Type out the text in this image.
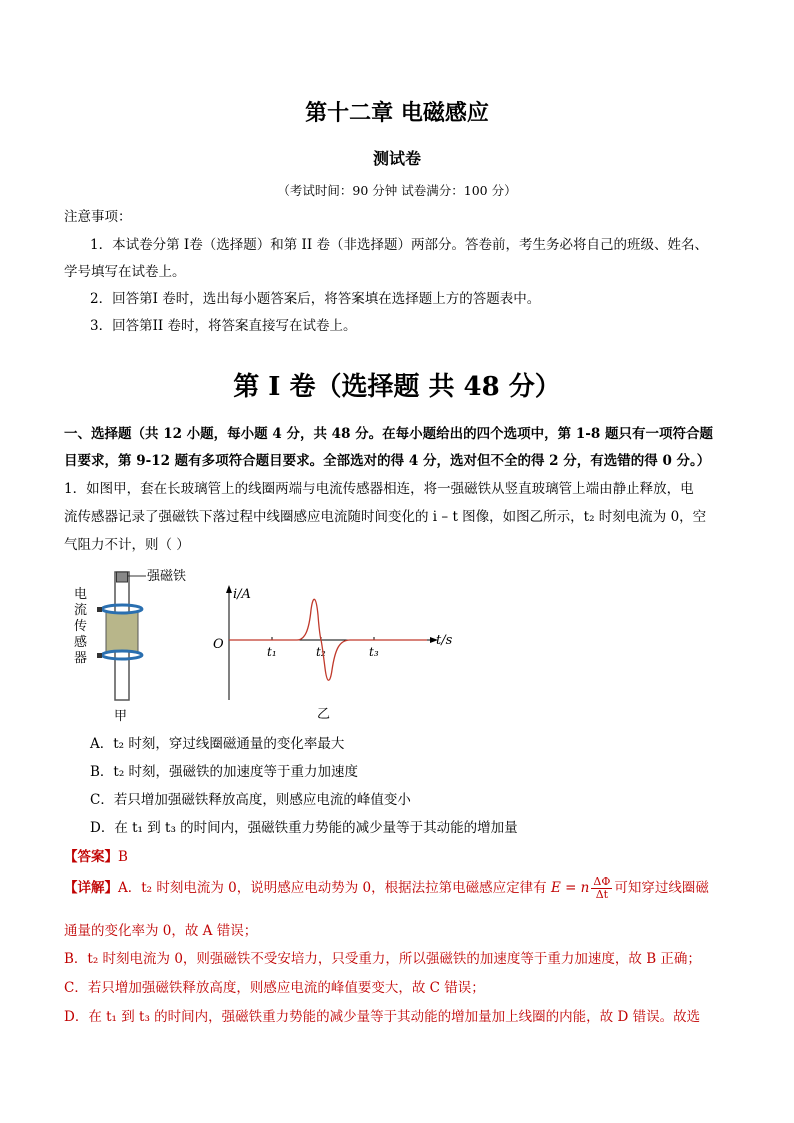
第十二章 电磁感应
测试卷
（考试时间：90 分钟 试卷满分：100 分）
注意事项：
1．本试卷分第 I卷（选择题）和第 II 卷（非选择题）两部分。答卷前，考生务必将自己的班级、姓名、
学号填写在试卷上。
2．回答第I 卷时，选出每小题答案后，将答案填在选择题上方的答题表中。
3．回答第II 卷时，将答案直接写在试卷上。
第 I 卷（选择题 共 48 分）
一、选择题（共 12 小题，每小题 4 分，共 48 分。在每小题给出的四个选项中，第 1-8 题只有一项符合题
目要求，第 9-12 题有多项符合题目要求。全部选对的得 4 分，选对但不全的得 2 分，有选错的得 0 分。）
1．如图甲，套在长玻璃管上的线圈两端与电流传感器相连，将一强磁铁从竖直玻璃管上端由静止释放，电
流传感器记录了强磁铁下落过程中线圈感应电流随时间变化的 i – t 图像，如图乙所示，t₂ 时刻电流为 0，空
气阻力不计，则（ ）
强磁铁
电
流
传
感
器
甲
i/A
t/s
O	t₁	t₂	t₃
乙
A．t₂ 时刻，穿过线圈磁通量的变化率最大
B．t₂ 时刻，强磁铁的加速度等于重力加速度
C．若只增加强磁铁释放高度，则感应电流的峰值变小
D．在 t₁ 到 t₃ 的时间内，强磁铁重力势能的减少量等于其动能的增加量
【答案】B
【详解】A．t₂ 时刻电流为 0，说明感应电动势为 0，根据法拉第电磁感应定律有 E = n $\frac{\Delta\Phi}{\Delta t}$ 可知穿过线圈磁
通量的变化率为 0，故 A 错误；
B．t₂ 时刻电流为 0，则强磁铁不受安培力，只受重力，所以强磁铁的加速度等于重力加速度，故 B 正确；
C．若只增加强磁铁释放高度，则感应电流的峰值要变大，故 C 错误；
D．在 t₁ 到 t₃ 的时间内，强磁铁重力势能的减少量等于其动能的增加量加上线圈的内能，故 D 错误。故选
